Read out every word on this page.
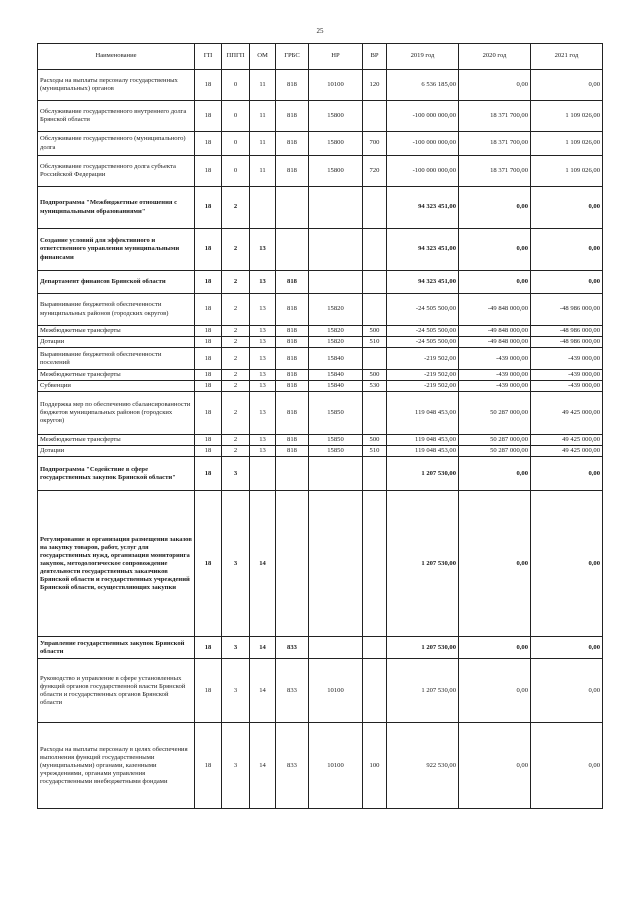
25
Наименование	ГП	ППГП	ОМ	ГРБС	НР	ВР	2019 год	2020 год	2021 год
Расходы на выплаты персоналу государственных (муниципальных) органов	18	0	11	818	10100	120	6 536 185,00	0,00	0,00
Обслуживание государственного внутреннего долга Брянской области	18	0	11	818	15800		-100 000 000,00	18 371 700,00	1 109 026,00
Обслуживание государственного (муниципального) долга	18	0	11	818	15800	700	-100 000 000,00	18 371 700,00	1 109 026,00
Обслуживание государственного долга субъекта Российской Федерации	18	0	11	818	15800	720	-100 000 000,00	18 371 700,00	1 109 026,00
Подпрограмма "Межбюджетные отношения с муниципальными образованиями"	18	2					94 323 451,00	0,00	0,00
Создание условий для эффективного и ответственного управления муниципальными финансами	18	2	13				94 323 451,00	0,00	0,00
Департамент финансов Брянской области	18	2	13	818			94 323 451,00	0,00	0,00
Выравнивание бюджетной обеспеченности муниципальных районов (городских округов)	18	2	13	818	15820		-24 505 500,00	-49 848 000,00	-48 986 000,00
Межбюджетные трансферты	18	2	13	818	15820	500	-24 505 500,00	-49 848 000,00	-48 986 000,00
Дотации	18	2	13	818	15820	510	-24 505 500,00	-49 848 000,00	-48 986 000,00
Выравнивание бюджетной обеспеченности поселений	18	2	13	818	15840		-219 502,00	-439 000,00	-439 000,00
Межбюджетные трансферты	18	2	13	818	15840	500	-219 502,00	-439 000,00	-439 000,00
Субвенции	18	2	13	818	15840	530	-219 502,00	-439 000,00	-439 000,00
Поддержка мер по обеспечению сбалансированности бюджетов муниципальных районов (городских округов)	18	2	13	818	15850		119 048 453,00	50 287 000,00	49 425 000,00
Межбюджетные трансферты	18	2	13	818	15850	500	119 048 453,00	50 287 000,00	49 425 000,00
Дотации	18	2	13	818	15850	510	119 048 453,00	50 287 000,00	49 425 000,00
Подпрограмма "Содействие в сфере государственных закупок Брянской области"	18	3					1 207 530,00	0,00	0,00
Регулирование и организация размещения заказов на закупку товаров, работ, услуг для государственных нужд, организация мониторинга закупок, методологическое сопровождение деятельности государственных заказчиков Брянской области и государственных учреждений Брянской области, осуществляющих закупки	18	3	14				1 207 530,00	0,00	0,00
Управление государственных закупок Брянской области	18	3	14	833			1 207 530,00	0,00	0,00
Руководство и управление в сфере установленных функций органов государственной власти Брянской области и государственных органов Брянской области	18	3	14	833	10100		1 207 530,00	0,00	0,00
Расходы на выплаты персоналу в целях обеспечения выполнения функций государственными (муниципальными) органами, казенными учреждениями, органами управления государственными внебюджетными фондами	18	3	14	833	10100	100	922 530,00	0,00	0,00
